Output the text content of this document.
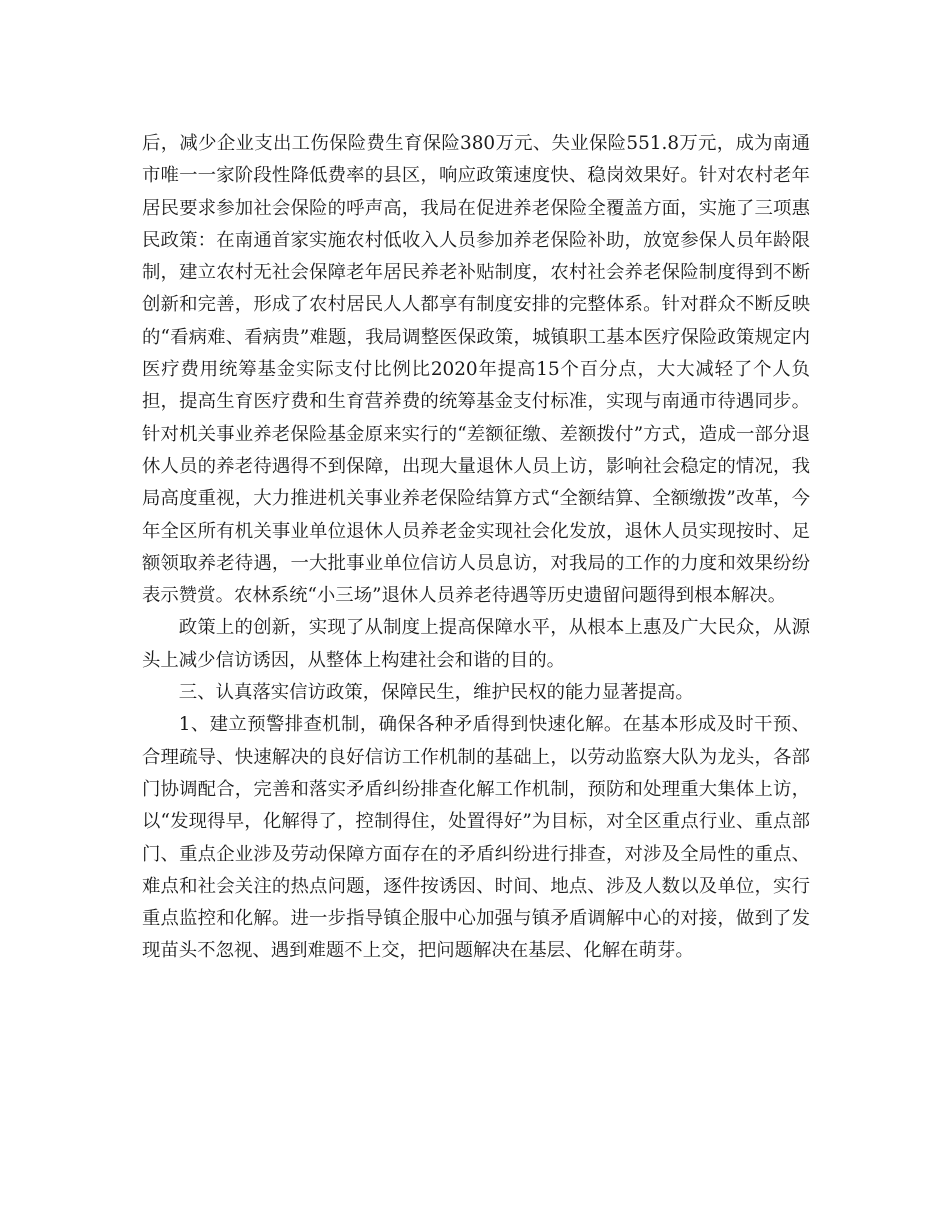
后，减少企业支出工伤保险费生育保险380万元、失业保险551.8万元，成为南通市唯一一家阶段性降低费率的县区，响应政策速度快、稳岗效果好。针对农村老年居民要求参加社会保险的呼声高，我局在促进养老保险全覆盖方面，实施了三项惠民政策：在南通首家实施农村低收入人员参加养老保险补助，放宽参保人员年龄限制，建立农村无社会保障老年居民养老补贴制度，农村社会养老保险制度得到不断创新和完善，形成了农村居民人人都享有制度安排的完整体系。针对群众不断反映的“看病难、看病贵”难题，我局调整医保政策，城镇职工基本医疗保险政策规定内医疗费用统筹基金实际支付比例比2020年提高15个百分点，大大减轻了个人负担，提高生育医疗费和生育营养费的统筹基金支付标准，实现与南通市待遇同步。针对机关事业养老保险基金原来实行的“差额征缴、差额拨付”方式，造成一部分退休人员的养老待遇得不到保障，出现大量退休人员上访，影响社会稳定的情况，我局高度重视，大力推进机关事业养老保险结算方式“全额结算、全额缴拨”改革，今年全区所有机关事业单位退休人员养老金实现社会化发放，退休人员实现按时、足额领取养老待遇，一大批事业单位信访人员息访，对我局的工作的力度和效果纷纷表示赞赏。农林系统“小三场”退休人员养老待遇等历史遗留问题得到根本解决。

政策上的创新，实现了从制度上提高保障水平，从根本上惠及广大民众，从源头上减少信访诱因，从整体上构建社会和谐的目的。

三、认真落实信访政策，保障民生，维护民权的能力显著提高。

1、建立预警排查机制，确保各种矛盾得到快速化解。在基本形成及时干预、合理疏导、快速解决的良好信访工作机制的基础上，以劳动监察大队为龙头，各部门协调配合，完善和落实矛盾纠纷排查化解工作机制，预防和处理重大集体上访，以“发现得早，化解得了，控制得住，处置得好”为目标，对全区重点行业、重点部门、重点企业涉及劳动保障方面存在的矛盾纠纷进行排查，对涉及全局性的重点、难点和社会关注的热点问题，逐件按诱因、时间、地点、涉及人数以及单位，实行重点监控和化解。进一步指导镇企服中心加强与镇矛盾调解中心的对接，做到了发现苗头不忽视、遇到难题不上交，把问题解决在基层、化解在萌芽。
